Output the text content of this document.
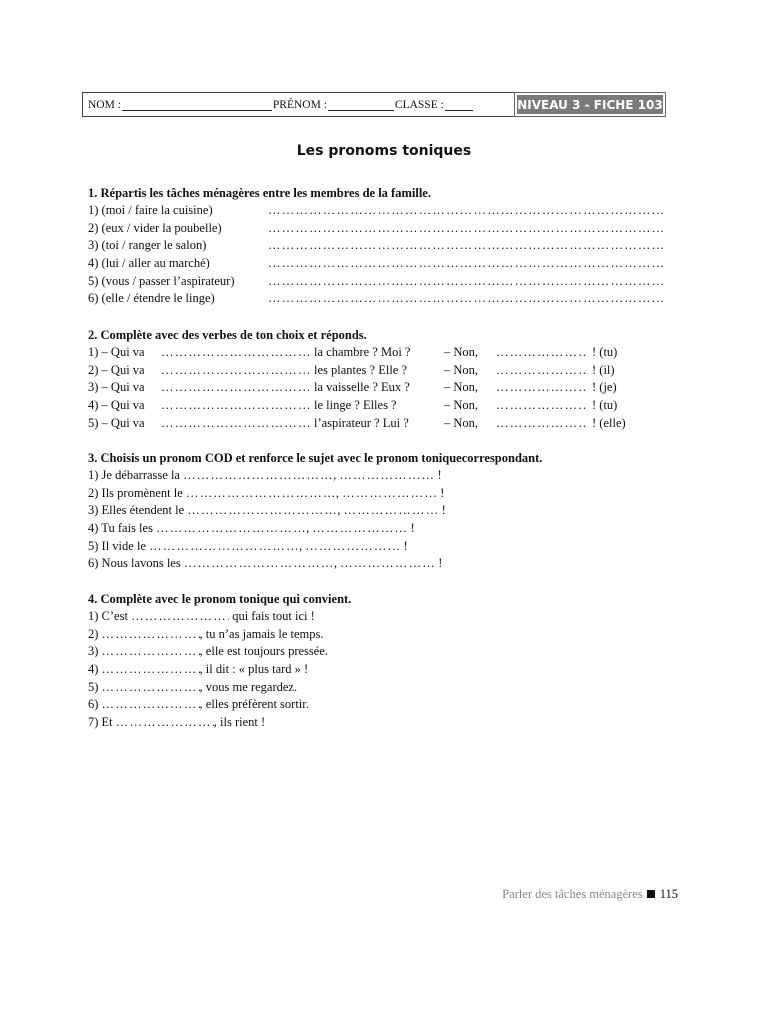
NOM :	PRÉNOM :	CLASSE :	NIVEAU 3 - FICHE 103
Les pronoms toniques
1. Répartis les tâches ménagères entre les membres de la famille.
1) (moi / faire la cuisine)
……………………………………………………………………………………………………………………………………………………………
2) (eux / vider la poubelle)
……………………………………………………………………………………………………………………………………………………………
3) (toi / ranger le salon)
……………………………………………………………………………………………………………………………………………………………
4) (lui / aller au marché)
……………………………………………………………………………………………………………………………………………………………
5) (vous / passer l’aspirateur)
……………………………………………………………………………………………………………………………………………………………
6) (elle / étendre le linge)
……………………………………………………………………………………………………………………………………………………………
2. Complète avec des verbes de ton choix et réponds.
1) – Qui va ……………………………………………………………………………………………………………………………………………………………	la chambre ? Moi ?	– Non, ……………………………………………………………………………………………………………………………………………………………	! (tu)
2) – Qui va ……………………………………………………………………………………………………………………………………………………………	les plantes ? Elle ?	– Non, ……………………………………………………………………………………………………………………………………………………………	! (il)
3) – Qui va ……………………………………………………………………………………………………………………………………………………………	la vaisselle ? Eux ?	– Non, ……………………………………………………………………………………………………………………………………………………………	! (je)
4) – Qui va ……………………………………………………………………………………………………………………………………………………………	le linge ? Elles ?	– Non, ……………………………………………………………………………………………………………………………………………………………	! (tu)
5) – Qui va ……………………………………………………………………………………………………………………………………………………………	l’aspirateur ? Lui ?	– Non, ……………………………………………………………………………………………………………………………………………………………	! (elle)
3. Choisis un pronom COD et renforce le sujet avec le pronom toniquecorrespondant.
1) Je débarrasse la ……………………………………………………………………………………………………………………………………………………………	, ……………………………………………………………………………………………………………………………………………………………	!
2) Ils promènent le ……………………………………………………………………………………………………………………………………………………………	, ……………………………………………………………………………………………………………………………………………………………	!
3) Elles étendent le ……………………………………………………………………………………………………………………………………………………………	, ……………………………………………………………………………………………………………………………………………………………	!
4) Tu fais les ……………………………………………………………………………………………………………………………………………………………	, ……………………………………………………………………………………………………………………………………………………………	!
5) Il vide le ……………………………………………………………………………………………………………………………………………………………	, ……………………………………………………………………………………………………………………………………………………………	!
6) Nous lavons les ……………………………………………………………………………………………………………………………………………………………	, ……………………………………………………………………………………………………………………………………………………………	!
4. Complète avec le pronom tonique qui convient.
1) C’est ……………………………………………………………………………………………………………………………………………………………	qui fais tout ici !
2) ……………………………………………………………………………………………………………………………………………………………	, tu n’as jamais le temps.
3) ……………………………………………………………………………………………………………………………………………………………	, elle est toujours pressée.
4) ……………………………………………………………………………………………………………………………………………………………	, il dit : « plus tard » !
5) ……………………………………………………………………………………………………………………………………………………………	, vous me regardez.
6) ……………………………………………………………………………………………………………………………………………………………	, elles préfèrent sortir.
7) Et ……………………………………………………………………………………………………………………………………………………………	, ils rient !
Parler des tâches ménagères 115
